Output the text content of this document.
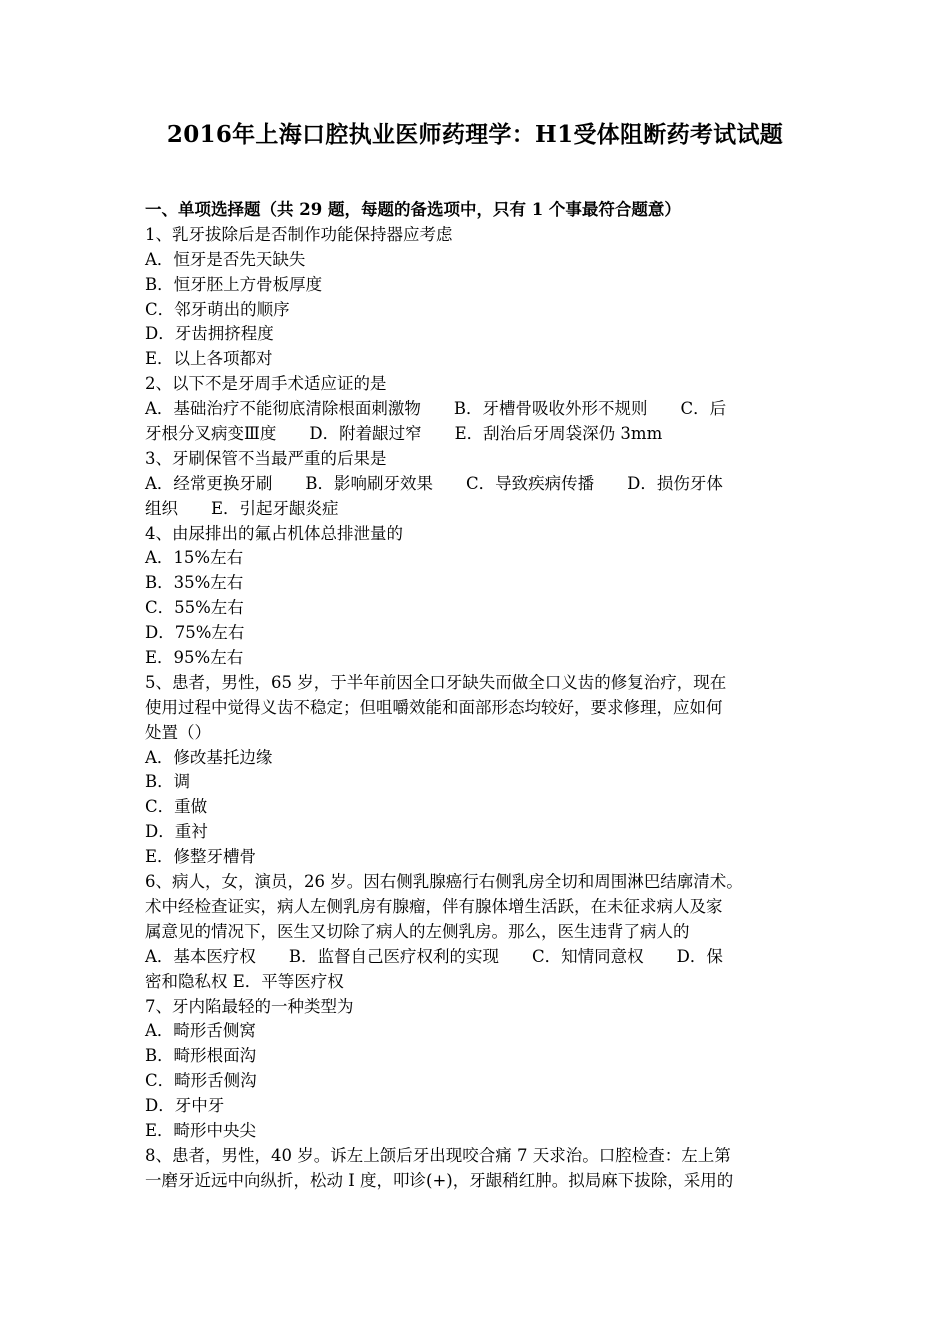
2016年上海口腔执业医师药理学：H1受体阻断药考试试题
一、单项选择题（共 29 题，每题的备选项中，只有 1 个事最符合题意）
1、乳牙拔除后是否制作功能保持器应考虑
A．恒牙是否先天缺失
B．恒牙胚上方骨板厚度
C．邻牙萌出的顺序
D．牙齿拥挤程度
E．以上各项都对
2、以下不是牙周手术适应证的是
A．基础治疗不能彻底清除根面刺激物　　B．牙槽骨吸收外形不规则　　C．后
牙根分叉病变Ⅲ度　　D．附着龈过窄　　E．刮治后牙周袋深仍 3mm
3、牙刷保管不当最严重的后果是
A．经常更换牙刷　　B．影响刷牙效果　　C．导致疾病传播　　D．损伤牙体
组织　　E．引起牙龈炎症
4、由尿排出的氟占机体总排泄量的
A．15%左右
B．35%左右
C．55%左右
D．75%左右
E．95%左右
5、患者，男性，65 岁，于半年前因全口牙缺失而做全口义齿的修复治疗，现在
使用过程中觉得义齿不稳定；但咀嚼效能和面部形态均较好，要求修理，应如何
处置（）
A．修改基托边缘
B．调
C．重做
D．重衬
E．修整牙槽骨
6、病人，女，演员，26 岁。因右侧乳腺癌行右侧乳房全切和周围淋巴结廓清术。
术中经检查证实，病人左侧乳房有腺瘤，伴有腺体增生活跃，在未征求病人及家
属意见的情况下，医生又切除了病人的左侧乳房。那么，医生违背了病人的
A．基本医疗权　　B．监督自己医疗权利的实现　　C．知情同意权　　D．保
密和隐私权 E．平等医疗权
7、牙内陷最轻的一种类型为
A．畸形舌侧窝
B．畸形根面沟
C．畸形舌侧沟
D．牙中牙
E．畸形中央尖
8、患者，男性，40 岁。诉左上颌后牙出现咬合痛 7 天求治。口腔检查：左上第
一磨牙近远中向纵折，松动 I 度，叩诊(+)，牙龈稍红肿。拟局麻下拔除，采用的
